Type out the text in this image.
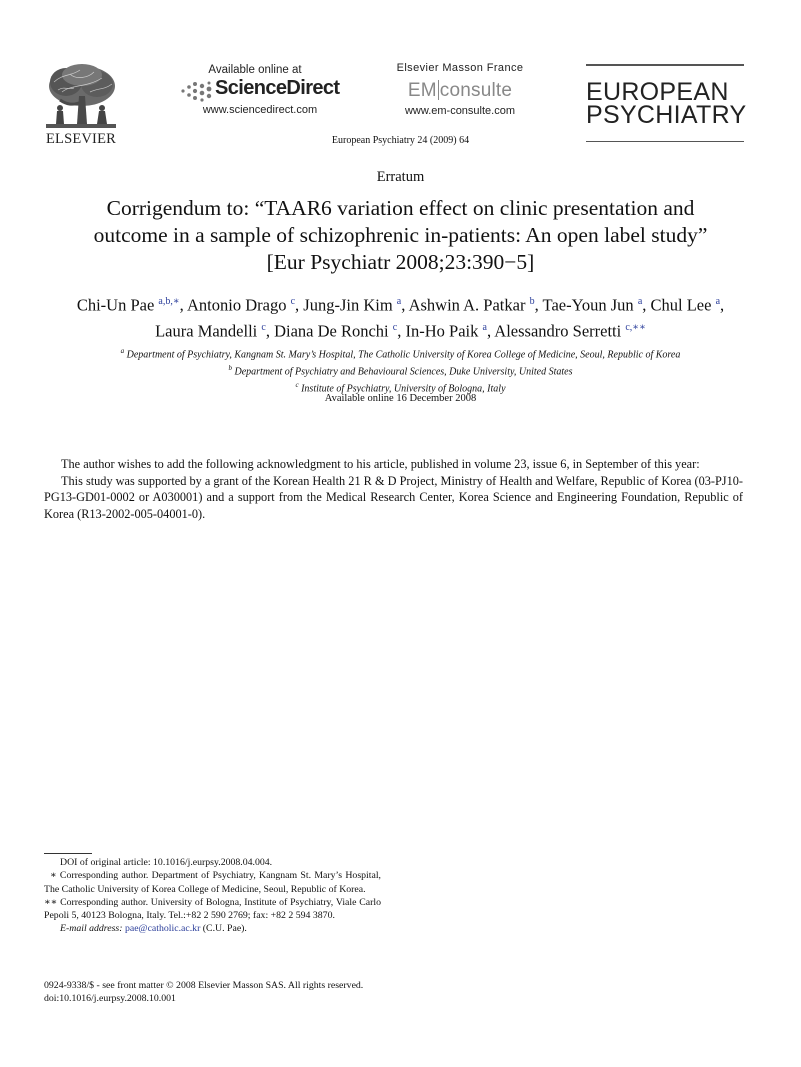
ELSEVIER
Available online at
ScienceDirect
www.sciencedirect.com
Elsevier Masson France
EM consulte
www.em-consulte.com
European Psychiatry 24 (2009) 64
EUROPEAN
PSYCHIATRY
Erratum
Corrigendum to: “TAAR6 variation effect on clinic presentation and
outcome in a sample of schizophrenic in-patients: An open label study”
[Eur Psychiatr 2008;23:390−5]
Chi-Un Pae $^{a,b,∗}$, Antonio Drago $^c$, Jung-Jin Kim $^a$, Ashwin A. Patkar $^b$, Tae-Youn Jun $^a$, Chul Lee $^a$,
Laura Mandelli $^c$, Diana De Ronchi $^c$, In-Ho Paik $^a$, Alessandro Serretti $^{c,∗∗}$
$^a$ Department of Psychiatry, Kangnam St. Mary’s Hospital, The Catholic University of Korea College of Medicine, Seoul, Republic of Korea
$^b$ Department of Psychiatry and Behavioural Sciences, Duke University, United States
$^c$ Institute of Psychiatry, University of Bologna, Italy
Available online 16 December 2008

The author wishes to add the following acknowledgment to his article, published in volume 23, issue 6, in September of this year:

This study was supported by a grant of the Korean Health 21 R & D Project, Ministry of Health and Welfare, Republic of Korea (03-PJ10-PG13-GD01-0002 or A030001) and a support from the Medical Research Center, Korea Science and Engineering Foundation, Republic of Korea (R13-2002-005-04001-0).

DOI of original article: 10.1016/j.eurpsy.2008.04.004.

∗ Corresponding author. Department of Psychiatry, Kangnam St. Mary’s Hospital, The Catholic University of Korea College of Medicine, Seoul, Republic of Korea.

∗∗ Corresponding author. University of Bologna, Institute of Psychiatry, Viale Carlo Pepoli 5, 40123 Bologna, Italy. Tel.:+82 2 590 2769; fax: +82 2 594 3870.

E-mail address: pae@catholic.ac.kr (C.U. Pae).

0924-9338/$ - see front matter © 2008 Elsevier Masson SAS. All rights reserved.

doi:10.1016/j.eurpsy.2008.10.001
